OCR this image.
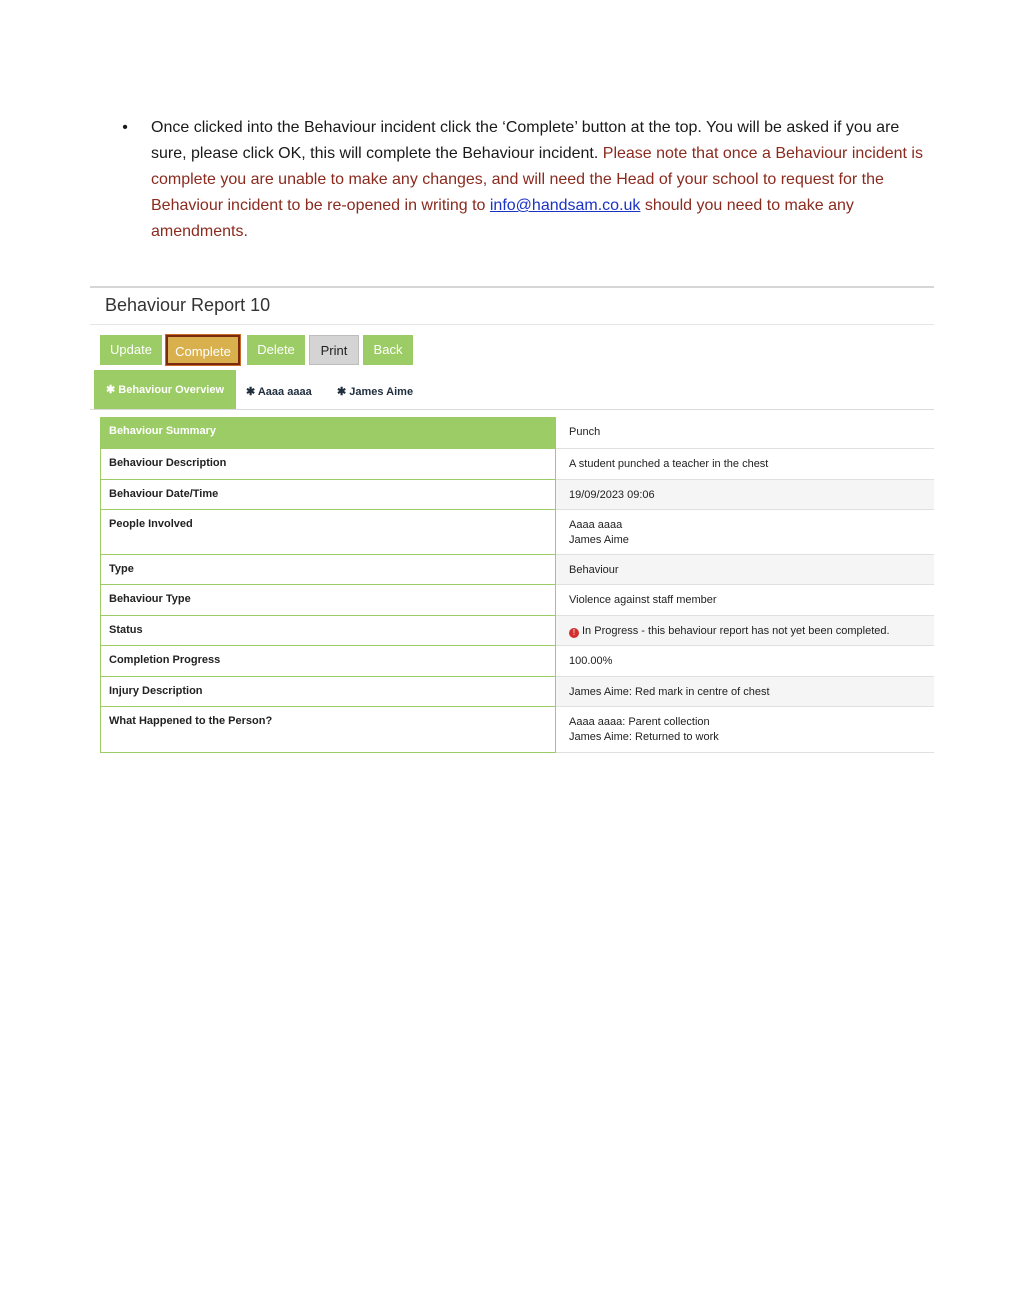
• Once clicked into the Behaviour incident click the ‘Complete’ button at the top. You will be asked if you are sure, please click OK, this will complete the Behaviour incident. Please note that once a Behaviour incident is complete you are unable to make any changes, and will need the Head of your school to request for the Behaviour incident to be re-opened in writing to info@handsam.co.uk should you need to make any amendments.
Behaviour Report 10
Update	Complete	Delete	Print	Back
✱ Behaviour Overview	✱ Aaaa aaaa ✱ James Aime
Behaviour Summary	Punch
Behaviour Description	A student punched a teacher in the chest
Behaviour Date/Time	19/09/2023 09:06
People Involved	Aaaa aaaa
James Aime

Type	Behaviour
Behaviour Type	Violence against staff member
Status	! In Progress - this behaviour report has not yet been completed.
Completion Progress	100.00%
Injury Description	James Aime: Red mark in centre of chest
What Happened to the Person?	Aaaa aaaa: Parent collection
James Aime: Returned to work
